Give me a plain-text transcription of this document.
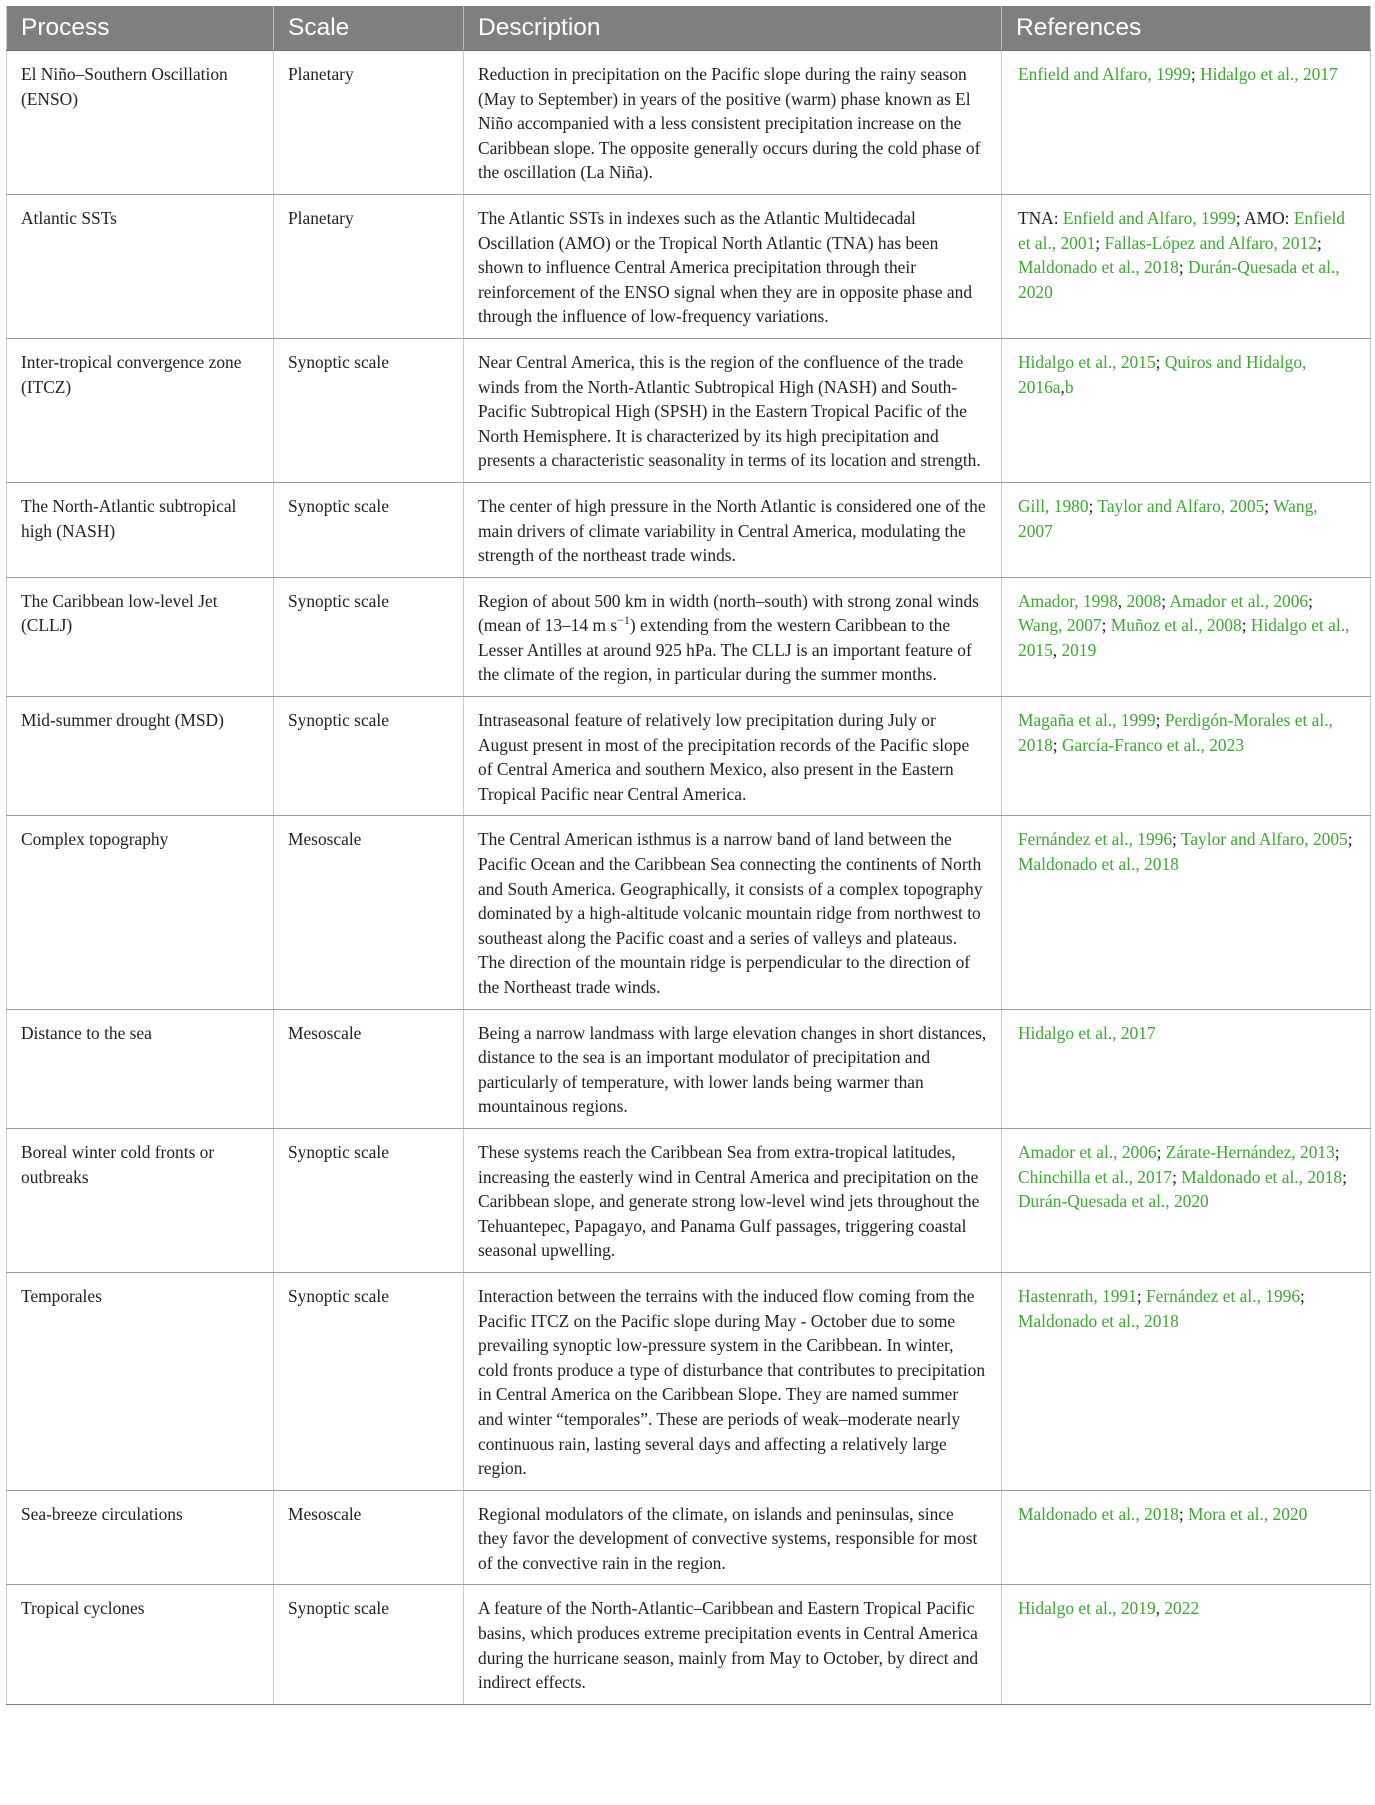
Process	Scale	Description	References
El Niño–Southern Oscillation (ENSO)	Planetary	Reduction in precipitation on the Pacific slope during the rainy season (May to September) in years of the positive (warm) phase known as El Niño accompanied with a less consistent precipitation increase on the Caribbean slope. The opposite generally occurs during the cold phase of the oscillation (La Niña).	Enfield and Alfaro, 1999; Hidalgo et al., 2017
Atlantic SSTs	Planetary	The Atlantic SSTs in indexes such as the Atlantic Multidecadal Oscillation (AMO) or the Tropical North Atlantic (TNA) has been shown to influence Central America precipitation through their reinforcement of the ENSO signal when they are in opposite phase and through the influence of low-frequency variations.	TNA: Enfield and Alfaro, 1999; AMO: Enfield et al., 2001; Fallas-López and Alfaro, 2012; Maldonado et al., 2018; Durán-Quesada et al., 2020
Inter-tropical convergence zone (ITCZ)	Synoptic scale	Near Central America, this is the region of the confluence of the trade winds from the North-Atlantic Subtropical High (NASH) and South-Pacific Subtropical High (SPSH) in the Eastern Tropical Pacific of the North Hemisphere. It is characterized by its high precipitation and presents a characteristic seasonality in terms of its location and strength.	Hidalgo et al., 2015; Quiros and Hidalgo, 2016a,b
The North-Atlantic subtropical high (NASH)	Synoptic scale	The center of high pressure in the North Atlantic is considered one of the main drivers of climate variability in Central America, modulating the strength of the northeast trade winds.	Gill, 1980; Taylor and Alfaro, 2005; Wang, 2007
The Caribbean low-level Jet (CLLJ)	Synoptic scale	Region of about 500 km in width (north–south) with strong zonal winds (mean of 13–14 m $s^{-1}$) extending from the western Caribbean to the Lesser Antilles at around 925 hPa. The CLLJ is an important feature of the climate of the region, in particular during the summer months.	Amador, 1998, 2008; Amador et al., 2006; Wang, 2007; Muñoz et al., 2008; Hidalgo et al., 2015, 2019
Mid-summer drought (MSD)	Synoptic scale	Intraseasonal feature of relatively low precipitation during July or August present in most of the precipitation records of the Pacific slope of Central America and southern Mexico, also present in the Eastern Tropical Pacific near Central America.	Magaña et al., 1999; Perdigón-Morales et al., 2018; García-Franco et al., 2023
Complex topography	Mesoscale	The Central American isthmus is a narrow band of land between the Pacific Ocean and the Caribbean Sea connecting the continents of North and South America. Geographically, it consists of a complex topography dominated by a high-altitude volcanic mountain ridge from northwest to southeast along the Pacific coast and a series of valleys and plateaus. The direction of the mountain ridge is perpendicular to the direction of the Northeast trade winds.	Fernández et al., 1996; Taylor and Alfaro, 2005; Maldonado et al., 2018
Distance to the sea	Mesoscale	Being a narrow landmass with large elevation changes in short distances, distance to the sea is an important modulator of precipitation and particularly of temperature, with lower lands being warmer than mountainous regions.	Hidalgo et al., 2017
Boreal winter cold fronts or outbreaks	Synoptic scale	These systems reach the Caribbean Sea from extra-tropical latitudes, increasing the easterly wind in Central America and precipitation on the Caribbean slope, and generate strong low-level wind jets throughout the Tehuantepec, Papagayo, and Panama Gulf passages, triggering coastal seasonal upwelling.	Amador et al., 2006; Zárate-Hernández, 2013; Chinchilla et al., 2017; Maldonado et al., 2018; Durán-Quesada et al., 2020
Temporales	Synoptic scale	Interaction between the terrains with the induced flow coming from the Pacific ITCZ on the Pacific slope during May - October due to some prevailing synoptic low-pressure system in the Caribbean. In winter, cold fronts produce a type of disturbance that contributes to precipitation in Central America on the Caribbean Slope. They are named summer and winter “temporales”. These are periods of weak–moderate nearly continuous rain, lasting several days and affecting a relatively large region.	Hastenrath, 1991; Fernández et al., 1996; Maldonado et al., 2018
Sea-breeze circulations	Mesoscale	Regional modulators of the climate, on islands and peninsulas, since they favor the development of convective systems, responsible for most of the convective rain in the region.	Maldonado et al., 2018; Mora et al., 2020
Tropical cyclones	Synoptic scale	A feature of the North-Atlantic–Caribbean and Eastern Tropical Pacific basins, which produces extreme precipitation events in Central America during the hurricane season, mainly from May to October, by direct and indirect effects.	Hidalgo et al., 2019, 2022
